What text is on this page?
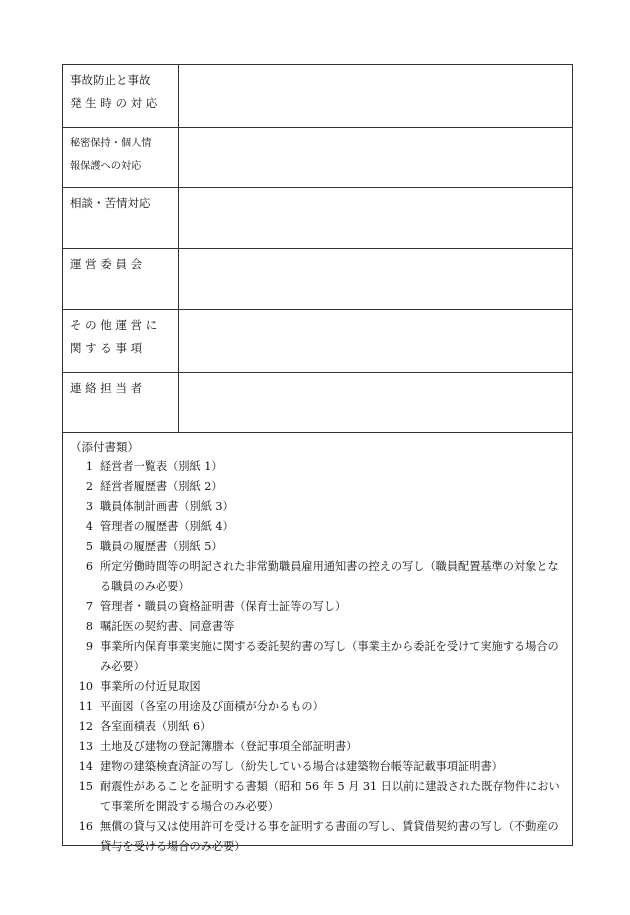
事故防止と事故
発 生 時 の 対 応	

秘密保持・個人情
報保護への対応	

相談・苦情対応	

運 営 委 員 会	

そ の 他 運 営 に
関 す る 事 項	

連 絡 担 当 者	

（添付書類）
1 経営者一覧表（別紙 1）
2 経営者履歴書（別紙 2）
3 職員体制計画書（別紙 3）
4 管理者の履歴書（別紙 4）
5 職員の履歴書（別紙 5）
6 所定労働時間等の明記された非常勤職員雇用通知書の控えの写し（職員配置基準の対象となる職員のみ必要）
7 管理者・職員の資格証明書（保育士証等の写し）
8 嘱託医の契約書、同意書等
9 事業所内保育事業実施に関する委託契約書の写し（事業主から委託を受けて実施する場合のみ必要）
10 事業所の付近見取図
11 平面図（各室の用途及び面積が分かるもの）
12 各室面積表（別紙 6）
13 土地及び建物の登記簿謄本（登記事項全部証明書）
14 建物の建築検査済証の写し（紛失している場合は建築物台帳等記載事項証明書）
15 耐震性があることを証明する書類（昭和 56 年 5 月 31 日以前に建設された既存物件において事業所を開設する場合のみ必要）
16 無償の貸与又は使用許可を受ける事を証明する書面の写し、賃貸借契約書の写し（不動産の貸与を受ける場合のみ必要）
